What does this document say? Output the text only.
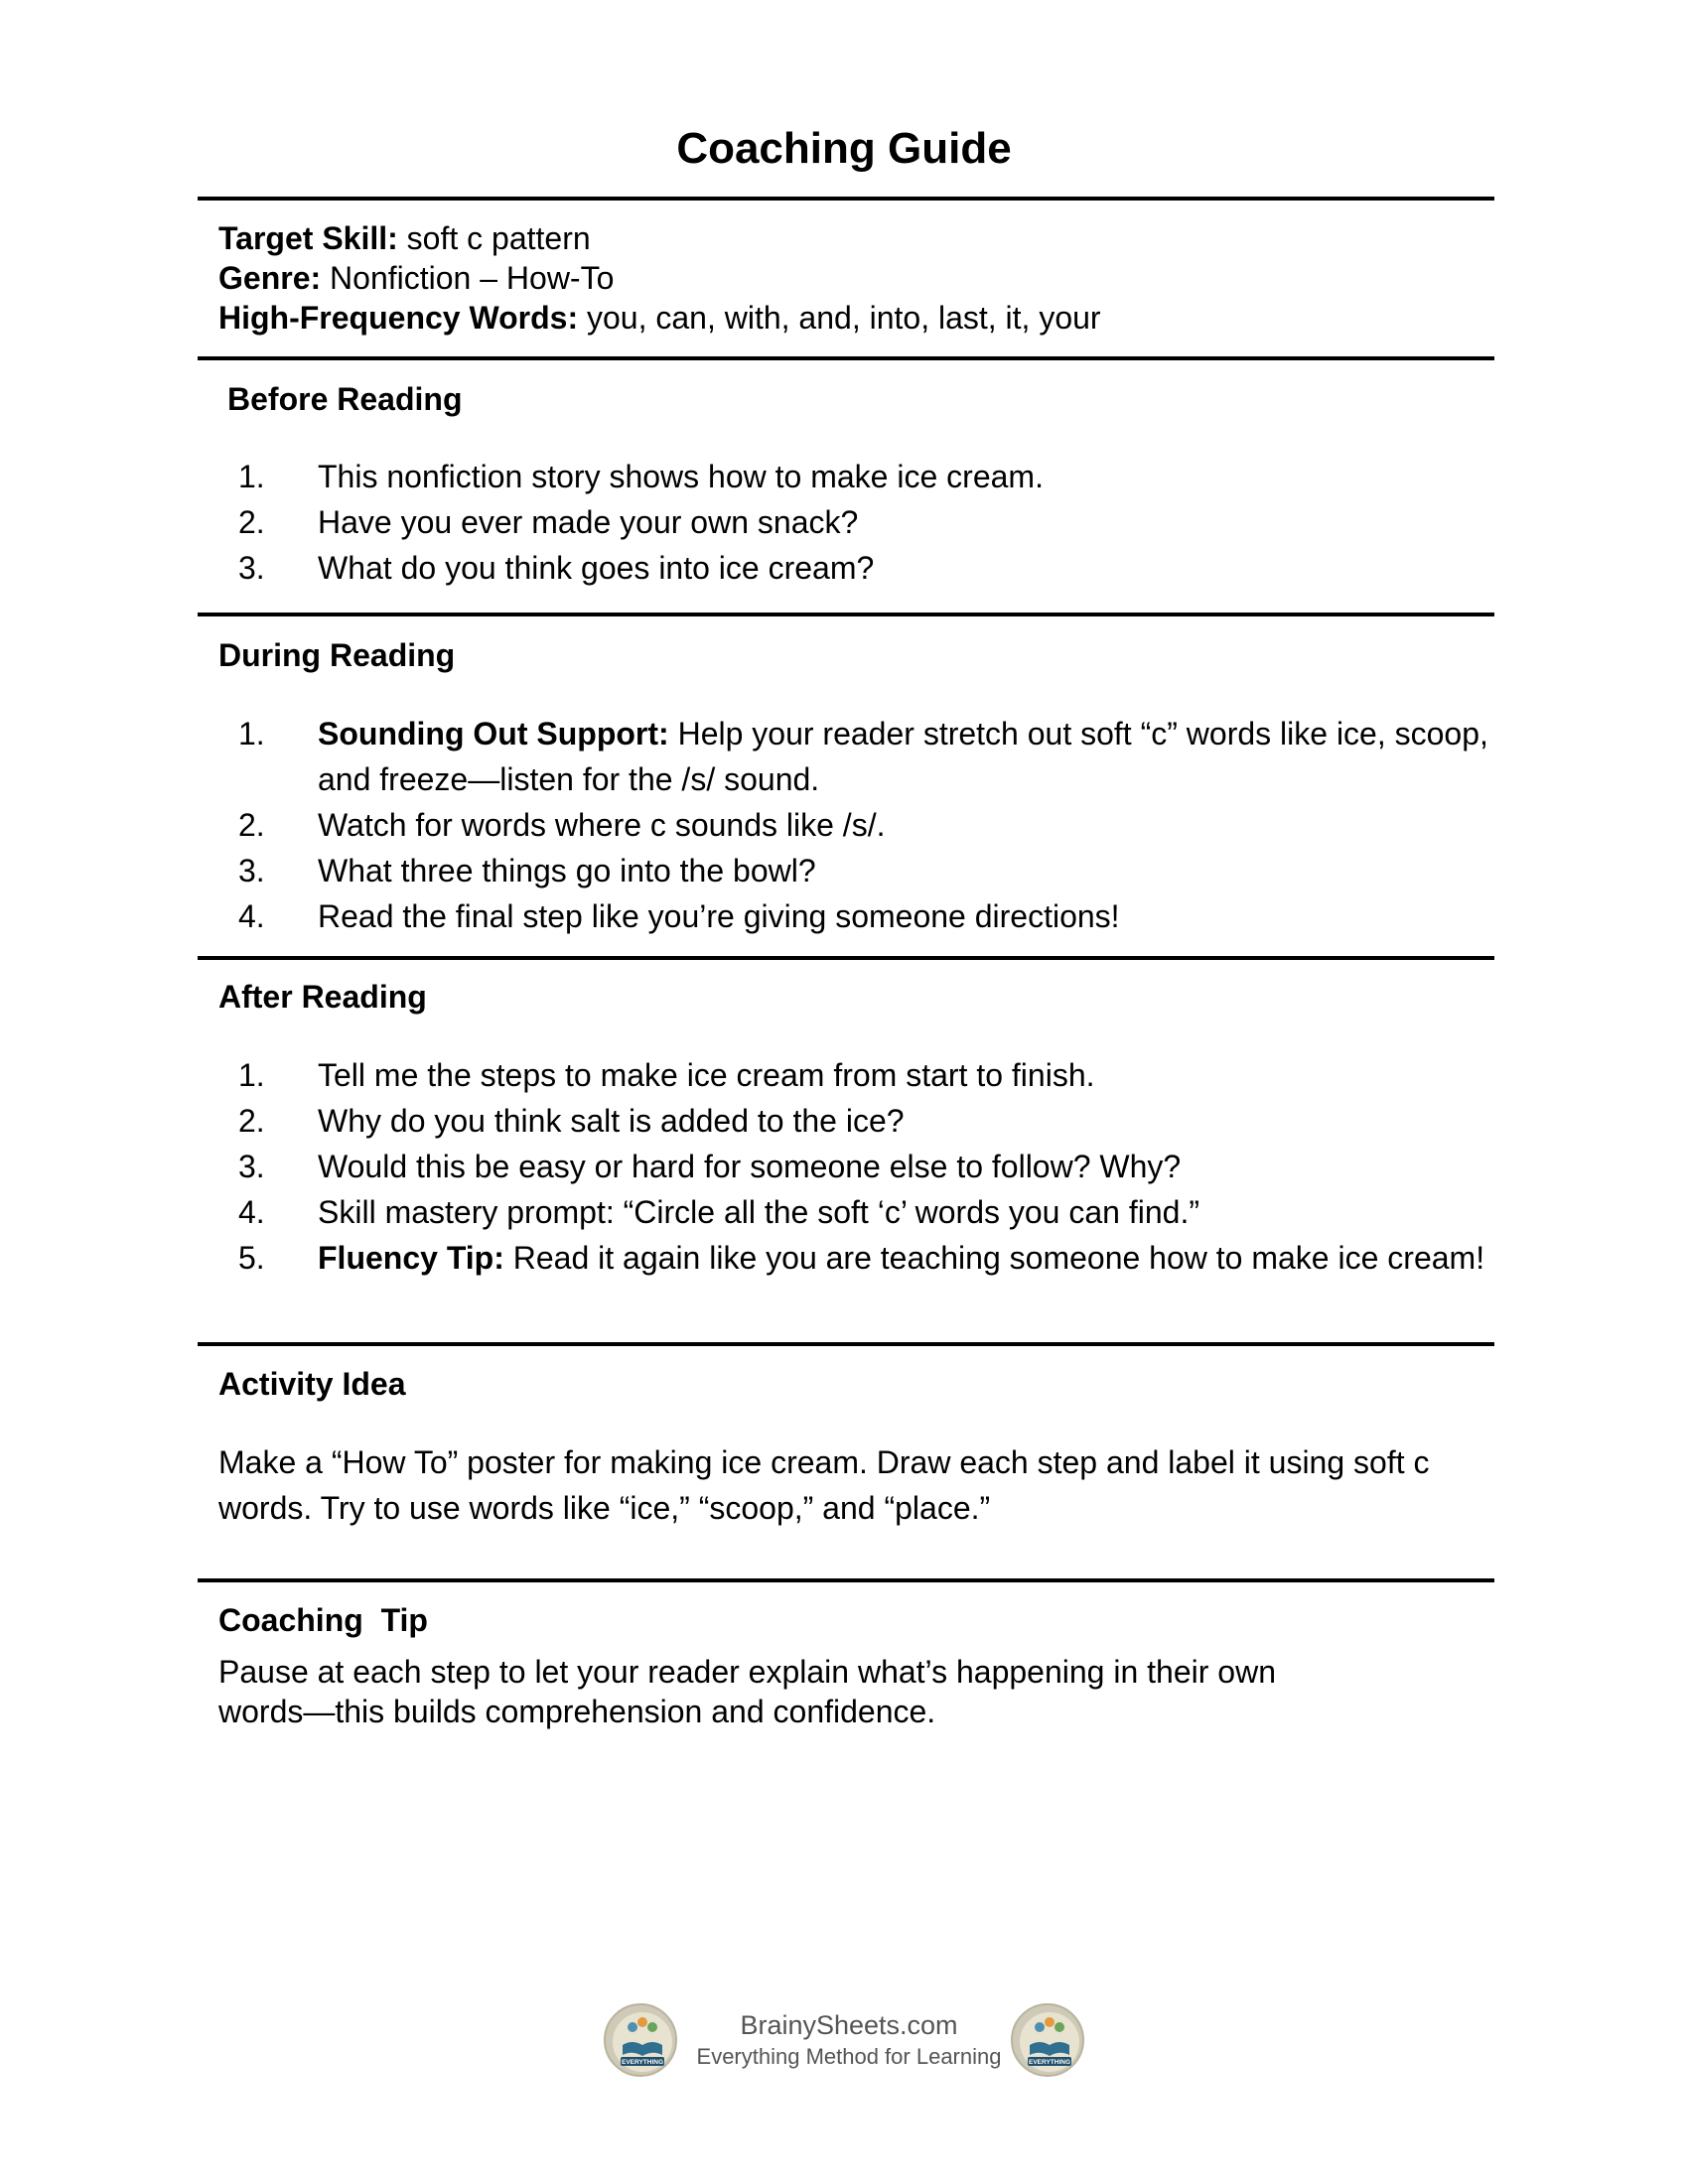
Coaching Guide
Target Skill: soft c pattern
Genre: Nonfiction – How-To
High-Frequency Words: you, can, with, and, into, last, it, your
Before Reading
1.	This nonfiction story shows how to make ice cream.
2.	Have you ever made your own snack?
3.	What do you think goes into ice cream?
During Reading
1.	Sounding Out Support: Help your reader stretch out soft “c” words like ice, scoop, and freeze—listen for the /s/ sound.
2.	Watch for words where c sounds like /s/.
3.	What three things go into the bowl?
4.	Read the final step like you’re giving someone directions!
After Reading
1.	Tell me the steps to make ice cream from start to finish.
2.	Why do you think salt is added to the ice?
3.	Would this be easy or hard for someone else to follow? Why?
4.	Skill mastery prompt: “Circle all the soft ‘c’ words you can find.”
5.	Fluency Tip: Read it again like you are teaching someone how to make ice cream!
Activity Idea
Make a “How To” poster for making ice cream. Draw each step and label it using soft c words. Try to use words like “ice,” “scoop,” and “place.”
Coaching  Tip
Pause at each step to let your reader explain what’s happening in their own words—this builds comprehension and confidence.
EVERYTHING
BrainySheets.com
Everything Method for Learning	EVERYTHING
